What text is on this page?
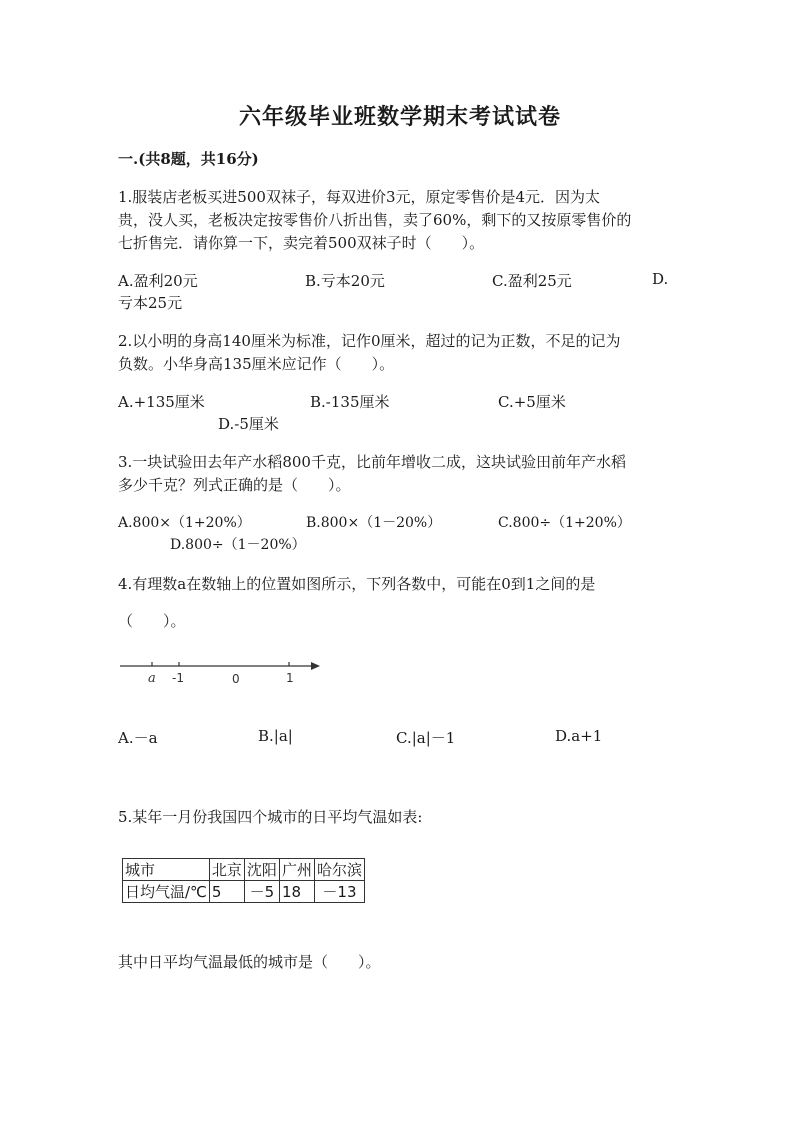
六年级毕业班数学期末考试试卷
一.(共8题，共16分)
1.服装店老板买进500双袜子，每双进价3元，原定零售价是4元．因为太
贵，没人买，老板决定按零售价八折出售，卖了60%，剩下的又按原零售价的
七折售完．请你算一下，卖完着500双袜子时（　　）。
A.盈利20元	B.亏本20元	C.盈利25元	D.
亏本25元
2.以小明的身高140厘米为标准，记作0厘米，超过的记为正数，不足的记为
负数。小华身高135厘米应记作（　　）。
A.+135厘米	B.-135厘米	C.+5厘米
D.-5厘米
3.一块试验田去年产水稻800千克，比前年增收二成，这块试验田前年产水稻
多少千克？列式正确的是（　　）。
A.800×（1+20%）	B.800×（1－20%）	C.800÷（1+20%）
D.800÷（1－20%）
4.有理数a在数轴上的位置如图所示，下列各数中，可能在0到1之间的是
（　　）。
a -1	0	1
A.－a	B.|a|	C.|a|－1	D.a+1
5.某年一月份我国四个城市的日平均气温如表:
城市	北京	沈阳	广州	哈尔滨
日均气温/℃	5	－5	18	－13
其中日平均气温最低的城市是（　　）。
